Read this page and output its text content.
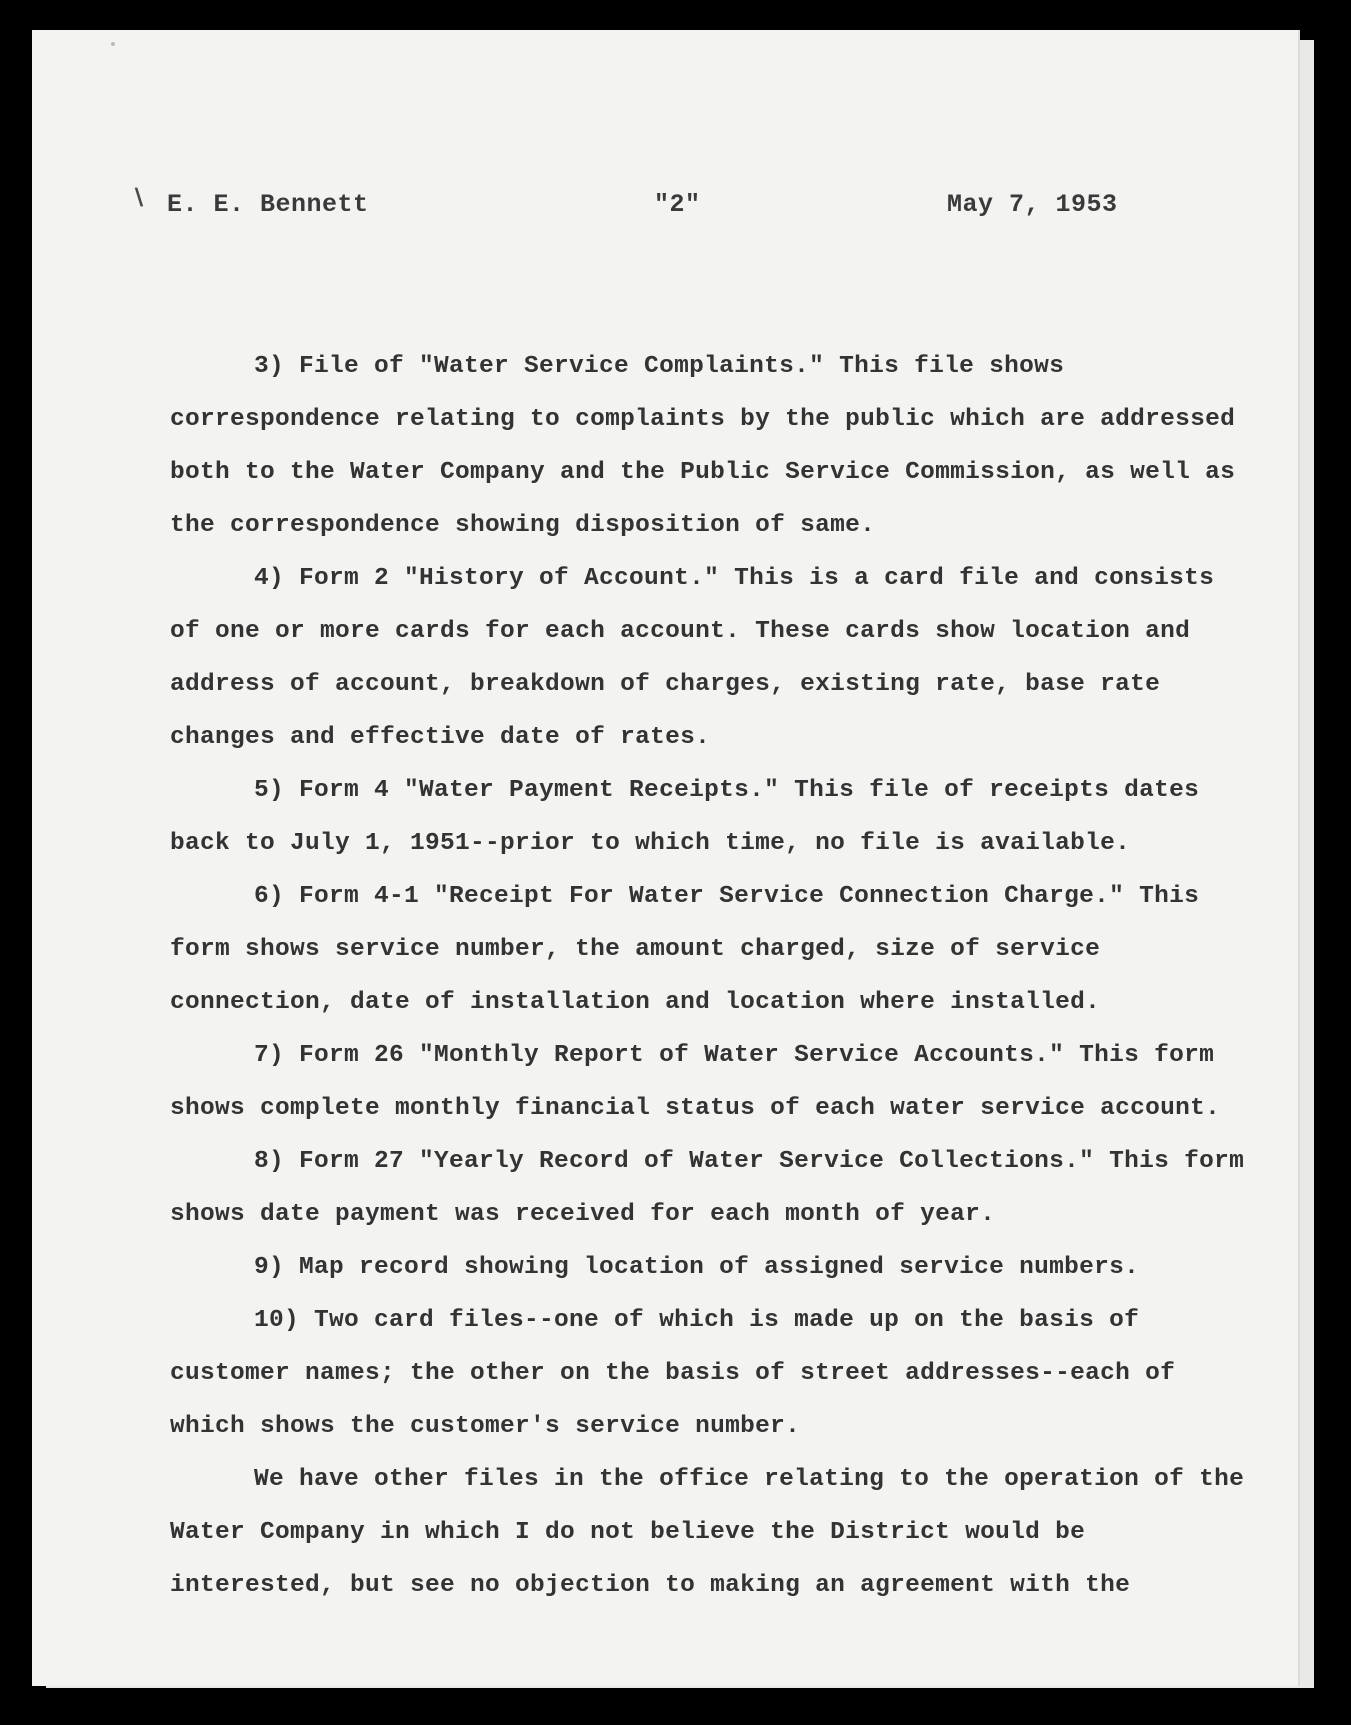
∖ E. E. Bennett	"2"	May 7, 1953

3) File of "Water Service Complaints." This file shows correspondence relating to complaints by the public which are addressed both to the Water Company and the Public Service Commission, as well as the correspondence showing disposition of same.

4) Form 2 "History of Account." This is a card file and consists of one or more cards for each account. These cards show location and address of account, breakdown of charges, existing rate, base rate changes and effective date of rates.

5) Form 4 "Water Payment Receipts." This file of receipts dates back to July 1, 1951--prior to which time, no file is available.

6) Form 4-1 "Receipt For Water Service Connection Charge." This form shows service number, the amount charged, size of service connection, date of installation and location where installed.

7) Form 26 "Monthly Report of Water Service Accounts." This form shows complete monthly financial status of each water service account.

8) Form 27 "Yearly Record of Water Service Collections." This form shows date payment was received for each month of year.

9) Map record showing location of assigned service numbers.

10) Two card files--one of which is made up on the basis of customer names; the other on the basis of street addresses--each of which shows the customer's service number.

We have other files in the office relating to the operation of the Water Company in which I do not believe the District would be interested, but see no objection to making an agreement with the
